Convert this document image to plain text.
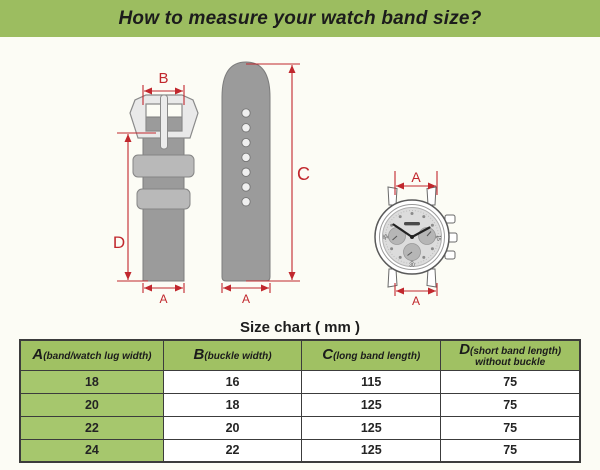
How to measure your watch band size?
B
D
A
C
A
45	15
30
A
A
Size chart ( mm )
A(band/watch lug width)	B(buckle width)	C(long band length)	D(short band length)
without buckle

18	16	115	75
20	18	125	75
22	20	125	75
24	22	125	75
